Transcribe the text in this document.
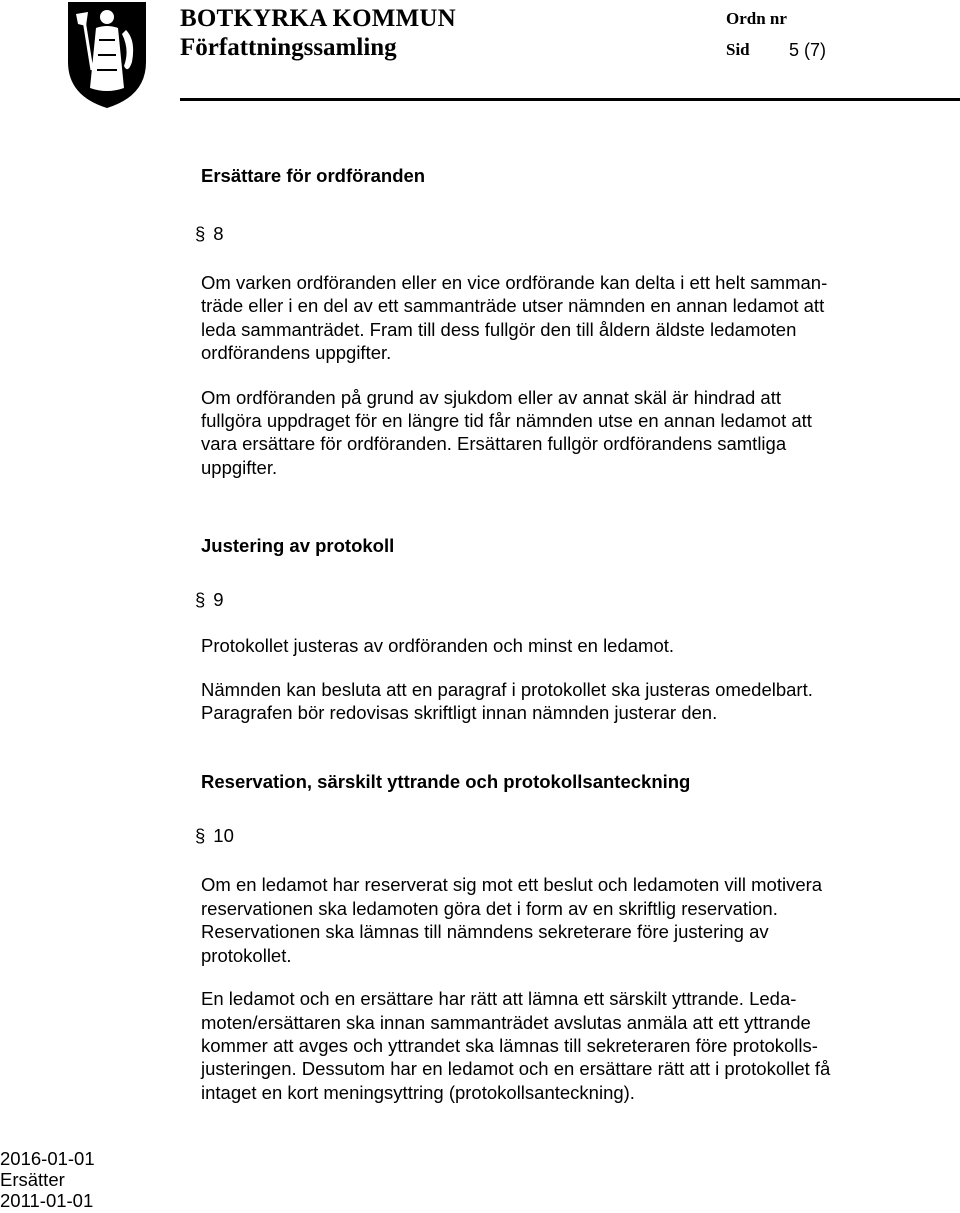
BOTKYRKA KOMMUN
Författningssamling
Ordn nr
Sid 5 (7)

Ersättare för ordföranden

§ 8

Om varken ordföranden eller en vice ordförande kan delta i ett helt samman-
träde eller i en del av ett sammanträde utser nämnden en annan ledamot att
leda sammanträdet. Fram till dess fullgör den till åldern äldste ledamoten
ordförandens uppgifter.

Om ordföranden på grund av sjukdom eller av annat skäl är hindrad att
fullgöra uppdraget för en längre tid får nämnden utse en annan ledamot att
vara ersättare för ordföranden. Ersättaren fullgör ordförandens samtliga
uppgifter.

Justering av protokoll

§ 9

Protokollet justeras av ordföranden och minst en ledamot.

Nämnden kan besluta att en paragraf i protokollet ska justeras omedelbart.
Paragrafen bör redovisas skriftligt innan nämnden justerar den.

Reservation, särskilt yttrande och protokollsanteckning

§ 10

Om en ledamot har reserverat sig mot ett beslut och ledamoten vill motivera
reservationen ska ledamoten göra det i form av en skriftlig reservation.
Reservationen ska lämnas till nämndens sekreterare före justering av
protokollet.

En ledamot och en ersättare har rätt att lämna ett särskilt yttrande. Leda-
moten/ersättaren ska innan sammanträdet avslutas anmäla att ett yttrande
kommer att avges och yttrandet ska lämnas till sekreteraren före protokolls-
justeringen. Dessutom har en ledamot och en ersättare rätt att i protokollet få
intaget en kort meningsyttring (protokollsanteckning).

2016-01-01
Ersätter
2011-01-01
